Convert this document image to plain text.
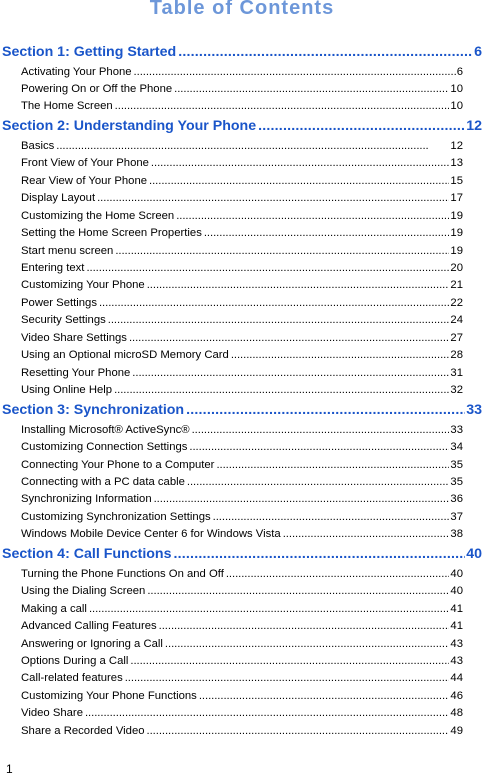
Table of Contents
Section 1: Getting Started .....	6
Activating Your Phone . . .	6
Powering On or Off the Phone . . .	10
The Home Screen . . .	10
Section 2: Understanding Your Phone .....	12
Basics . . .	12
Front View of Your Phone . . .	13
Rear View of Your Phone . . .	15
Display Layout . . .	17
Customizing the Home Screen . . .	19
Setting the Home Screen Properties . . .	19
Start menu screen . . .	19
Entering text . . .	20
Customizing Your Phone . . .	21
Power Settings . . .	22
Security Settings . . .	24
Video Share Settings . . .	27
Using an Optional microSD Memory Card . . .	28
Resetting Your Phone . . .	31
Using Online Help . . .	32
Section 3: Synchronization .....	33
Installing Microsoft® ActiveSync® . . .	33
Customizing Connection Settings . . .	34
Connecting Your Phone to a Computer . . .	35
Connecting with a PC data cable . . .	35
Synchronizing Information . . .	36
Customizing Synchronization Settings . . .	37
Windows Mobile Device Center 6 for Windows Vista . . .	38
Section 4: Call Functions .....	40
Turning the Phone Functions On and Off . . .	40
Using the Dialing Screen . . .	40
Making a call . . .	41
Advanced Calling Features . . .	41
Answering or Ignoring a Call . . .	43
Options During a Call . . .	43
Call-related features . . .	44
Customizing Your Phone Functions . . .	46
Video Share . . .	48
Share a Recorded Video . . .	49
1
